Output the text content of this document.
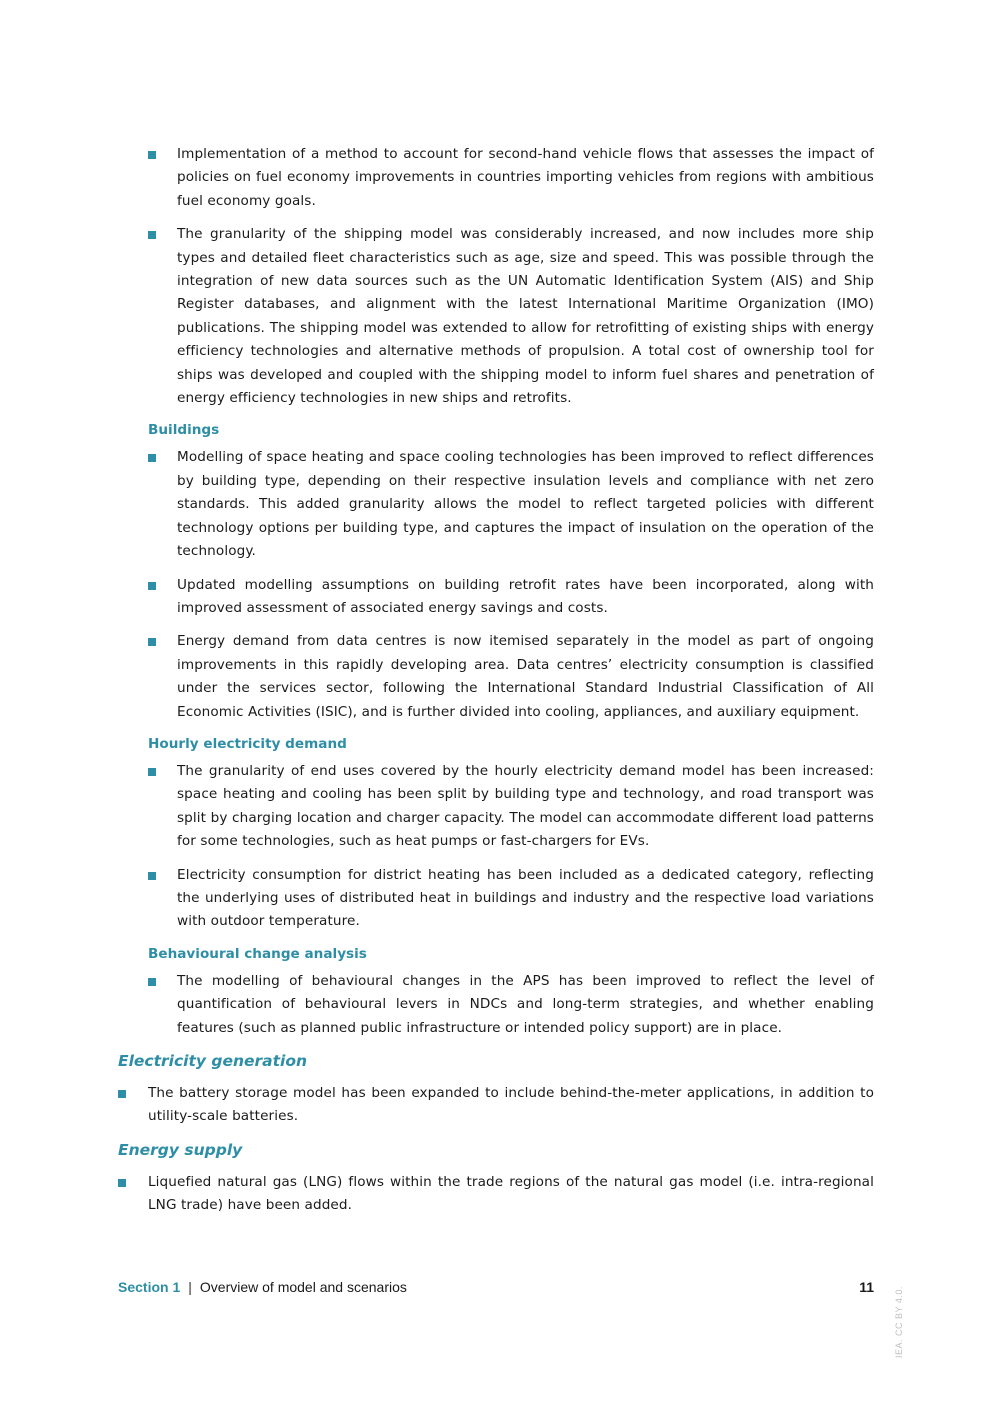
Implementation of a method to account for second-hand vehicle flows that assesses the impact of policies on fuel economy improvements in countries importing vehicles from regions with ambitious fuel economy goals.
The granularity of the shipping model was considerably increased, and now includes more ship types and detailed fleet characteristics such as age, size and speed. This was possible through the integration of new data sources such as the UN Automatic Identification System (AIS) and Ship Register databases, and alignment with the latest International Maritime Organization (IMO) publications. The shipping model was extended to allow for retrofitting of existing ships with energy efficiency technologies and alternative methods of propulsion. A total cost of ownership tool for ships was developed and coupled with the shipping model to inform fuel shares and penetration of energy efficiency technologies in new ships and retrofits.
Buildings
Modelling of space heating and space cooling technologies has been improved to reflect differences by building type, depending on their respective insulation levels and compliance with net zero standards. This added granularity allows the model to reflect targeted policies with different technology options per building type, and captures the impact of insulation on the operation of the technology.
Updated modelling assumptions on building retrofit rates have been incorporated, along with improved assessment of associated energy savings and costs.
Energy demand from data centres is now itemised separately in the model as part of ongoing improvements in this rapidly developing area. Data centres’ electricity consumption is classified under the services sector, following the International Standard Industrial Classification of All Economic Activities (ISIC), and is further divided into cooling, appliances, and auxiliary equipment.
Hourly electricity demand
The granularity of end uses covered by the hourly electricity demand model has been increased: space heating and cooling has been split by building type and technology, and road transport was split by charging location and charger capacity. The model can accommodate different load patterns for some technologies, such as heat pumps or fast-chargers for EVs.
Electricity consumption for district heating has been included as a dedicated category, reflecting the underlying uses of distributed heat in buildings and industry and the respective load variations with outdoor temperature.
Behavioural change analysis
The modelling of behavioural changes in the APS has been improved to reflect the level of quantification of behavioural levers in NDCs and long-term strategies, and whether enabling features (such as planned public infrastructure or intended policy support) are in place.
Electricity generation
The battery storage model has been expanded to include behind-the-meter applications, in addition to utility-scale batteries.
Energy supply
Liquefied natural gas (LNG) flows within the trade regions of the natural gas model (i.e. intra-regional LNG trade) have been added.
Section 1 | Overview of model and scenarios	11 IEA. CC BY 4.0.
